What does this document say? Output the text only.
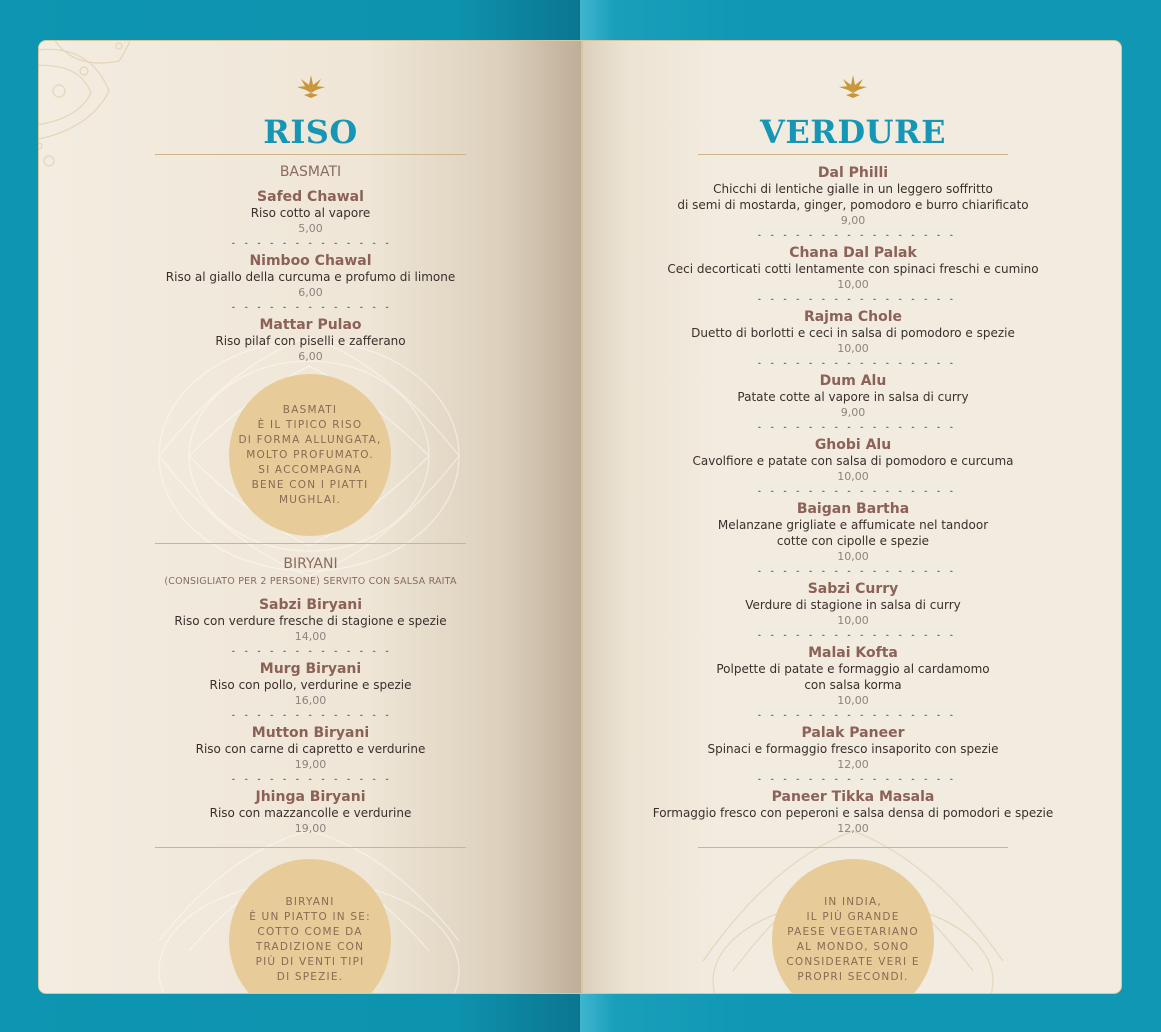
RISO
BASMATI
Safed Chawal
Riso cotto al vapore
5,00
Nimboo Chawal
Riso al giallo della curcuma e profumo di limone
6,00
Mattar Pulao
Riso pilaf con piselli e zafferano
6,00
BASMATI
È IL TIPICO RISO
DI FORMA ALLUNGATA,
MOLTO PROFUMATO.
SI ACCOMPAGNA
BENE CON I PIATTI
MUGHLAI.
BIRYANI
(CONSIGLIATO PER 2 PERSONE) SERVITO CON SALSA RAITA
Sabzi Biryani
Riso con verdure fresche di stagione e spezie
14,00
Murg Biryani
Riso con pollo, verdurine e spezie
16,00
Mutton Biryani
Riso con carne di capretto e verdurine
19,00
Jhinga Biryani
Riso con mazzancolle e verdurine
19,00
BIRYANI
È UN PIATTO IN SE:
COTTO COME DA
TRADIZIONE CON
PIÙ DI VENTI TIPI
DI SPEZIE.
VERDURE
Dal Philli
Chicchi di lentiche gialle in un leggero soffritto
di semi di mostarda, ginger, pomodoro e burro chiarificato
9,00
Chana Dal Palak
Ceci decorticati cotti lentamente con spinaci freschi e cumino
10,00
Rajma Chole
Duetto di borlotti e ceci in salsa di pomodoro e spezie
10,00
Dum Alu
Patate cotte al vapore in salsa di curry
9,00
Ghobi Alu
Cavolfiore e patate con salsa di pomodoro e curcuma
10,00
Baigan Bartha
Melanzane grigliate e affumicate nel tandoor
cotte con cipolle e spezie
10,00
Sabzi Curry
Verdure di stagione in salsa di curry
10,00
Malai Kofta
Polpette di patate e formaggio al cardamomo
con salsa korma
10,00
Palak Paneer
Spinaci e formaggio fresco insaporito con spezie
12,00
Paneer Tikka Masala
Formaggio fresco con peperoni e salsa densa di pomodori e spezie
12,00
IN INDIA,
IL PIÙ GRANDE
PAESE VEGETARIANO
AL MONDO, SONO
CONSIDERATE VERI E
PROPRI SECONDI.
